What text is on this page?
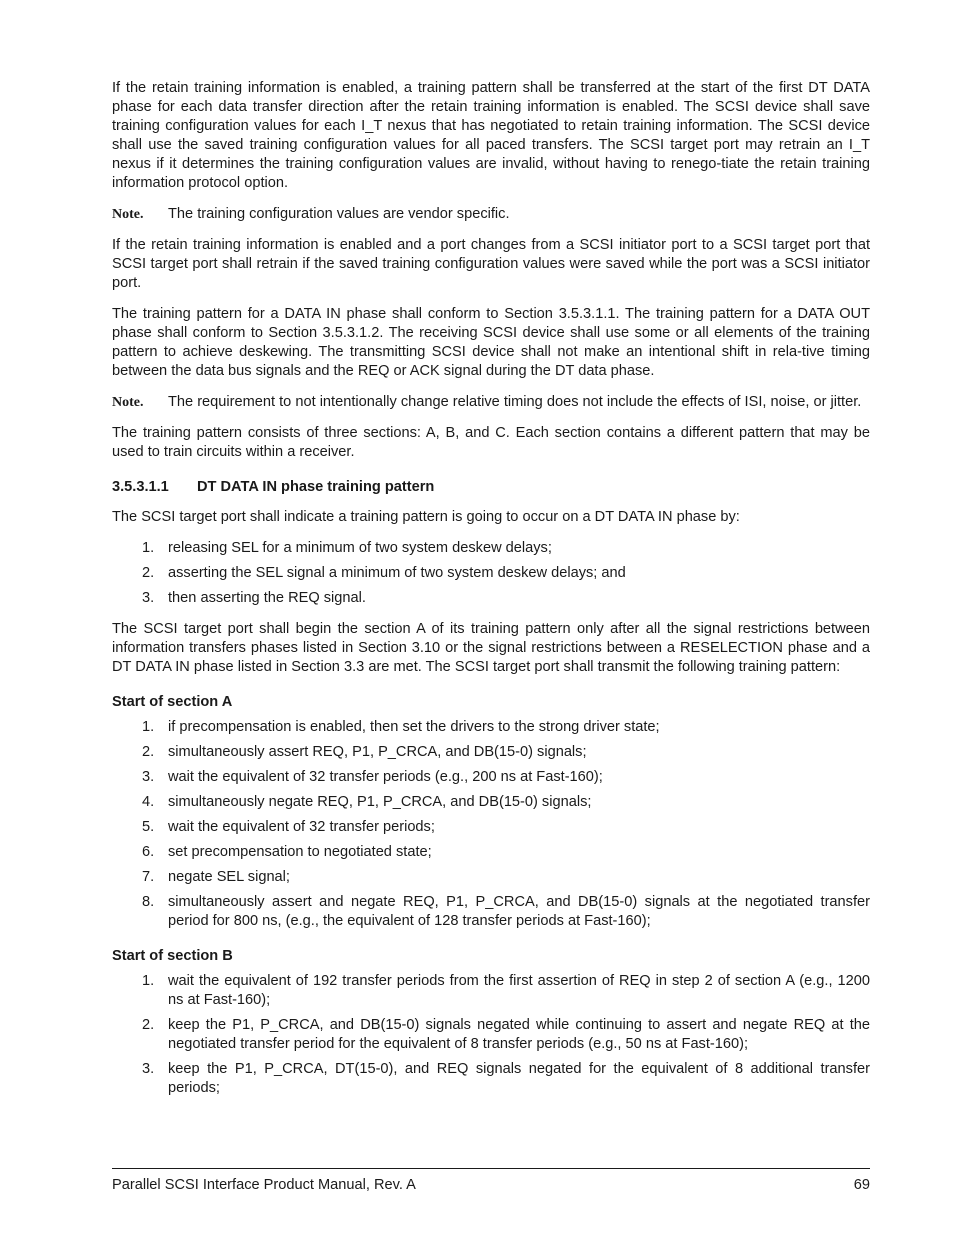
If the retain training information is enabled, a training pattern shall be transferred at the start of the first DT DATA phase for each data transfer direction after the retain training information is enabled. The SCSI device shall save training configuration values for each I_T nexus that has negotiated to retain training information. The SCSI device shall use the saved training configuration values for all paced transfers. The SCSI target port may retrain an I_T nexus if it determines the training configuration values are invalid, without having to renego-tiate the retain training information protocol option.

Note.	The training configuration values are vendor specific.

If the retain training information is enabled and a port changes from a SCSI initiator port to a SCSI target port that SCSI target port shall retrain if the saved training configuration values were saved while the port was a SCSI initiator port.

The training pattern for a DATA IN phase shall conform to Section 3.5.3.1.1. The training pattern for a DATA OUT phase shall conform to Section 3.5.3.1.2. The receiving SCSI device shall use some or all elements of the training pattern to achieve deskewing. The transmitting SCSI device shall not make an intentional shift in rela-tive timing between the data bus signals and the REQ or ACK signal during the DT data phase.

Note.	The requirement to not intentionally change relative timing does not include the effects of ISI, noise, or jitter.

The training pattern consists of three sections: A, B, and C. Each section contains a different pattern that may be used to train circuits within a receiver.

3.5.3.1.1	DT DATA IN phase training pattern

The SCSI target port shall indicate a training pattern is going to occur on a DT DATA IN phase by:

1. releasing SEL for a minimum of two system deskew delays;
2. asserting the SEL signal a minimum of two system deskew delays; and
3. then asserting the REQ signal.

The SCSI target port shall begin the section A of its training pattern only after all the signal restrictions between information transfers phases listed in Section 3.10 or the signal restrictions between a RESELECTION phase and a DT DATA IN phase listed in Section 3.3 are met. The SCSI target port shall transmit the following training pattern:

Start of section A
1. if precompensation is enabled, then set the drivers to the strong driver state;
2. simultaneously assert REQ, P1, P_CRCA, and DB(15-0) signals;
3. wait the equivalent of 32 transfer periods (e.g., 200 ns at Fast-160);
4. simultaneously negate REQ, P1, P_CRCA, and DB(15-0) signals;
5. wait the equivalent of 32 transfer periods;
6. set precompensation to negotiated state;
7. negate SEL signal;
8. simultaneously assert and negate REQ, P1, P_CRCA, and DB(15-0) signals at the negotiated transfer period for 800 ns, (e.g., the equivalent of 128 transfer periods at Fast-160);
Start of section B
1. wait the equivalent of 192 transfer periods from the first assertion of REQ in step 2 of section A (e.g., 1200 ns at Fast-160);
2. keep the P1, P_CRCA, and DB(15-0) signals negated while continuing to assert and negate REQ at the negotiated transfer period for the equivalent of 8 transfer periods (e.g., 50 ns at Fast-160);
3. keep the P1, P_CRCA, DT(15-0), and REQ signals negated for the equivalent of 8 additional transfer periods;
Parallel SCSI Interface Product Manual, Rev. A	69
